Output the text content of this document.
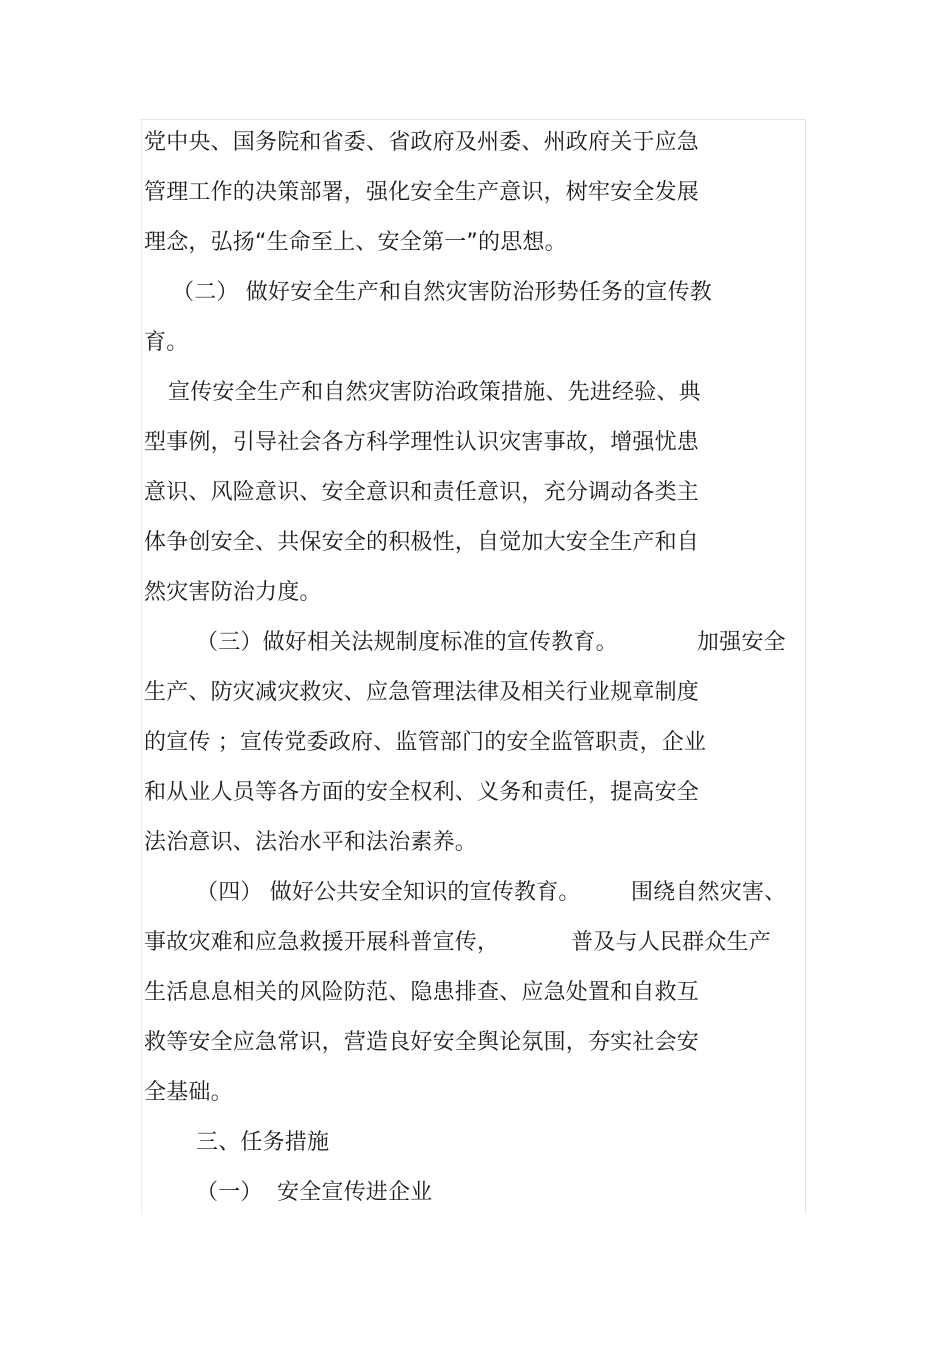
党中央、国务院和省委、省政府及州委、州政府关于应急
管理工作的决策部署，强化安全生产意识，树牢安全发展
理念，弘扬“生命至上、安全第一”的思想。
（二） 做好安全生产和自然灾害防治形势任务的宣传教
育。
宣传安全生产和自然灾害防治政策措施、先进经验、典
型事例，引导社会各方科学理性认识灾害事故，增强忧患
意识、风险意识、安全意识和责任意识，充分调动各类主
体争创安全、共保安全的积极性，自觉加大安全生产和自
然灾害防治力度。
（三）做好相关法规制度标准的宣传教育。           加强安全
生产、防灾减灾救灾、应急管理法律及相关行业规章制度
的宣传 ；宣传党委政府、监管部门的安全监管职责，企业
和从业人员等各方面的安全权利、义务和责任，提高安全
法治意识、法治水平和法治素养。
（四） 做好公共安全知识的宣传教育。       围绕自然灾害、
事故灾难和应急救援开展科普宣传，          普及与人民群众生产
生活息息相关的风险防范、隐患排查、应急处置和自救互
救等安全应急常识，营造良好安全舆论氛围，夯实社会安
全基础。
三、任务措施
（一）  安全宣传进企业
